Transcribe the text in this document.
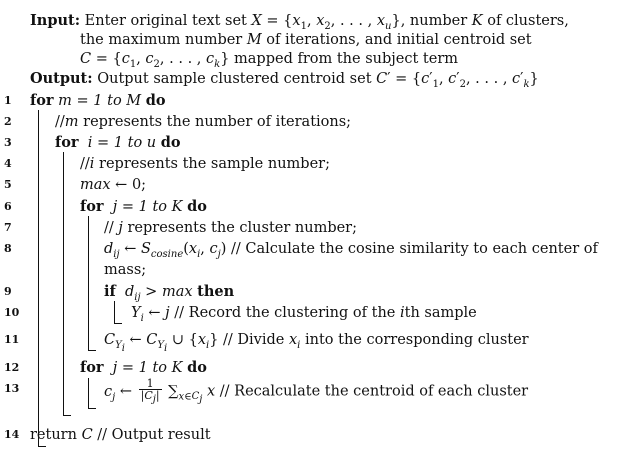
Input: Enter original text set $X = \{x_1$, $x_2$, . . . , $x_u$}, number K of clusters,
the maximum number M of iterations, and initial centroid set
$C = \{c_1$, $c_2$, . . . , $c_k$} mapped from the subject term
Output: Output sample clustered centroid set $C' = \{c'_1$, $c'_2$, . . . , $c'_k$}
1
2
3
4
5
6
7
8
9
10
11
12
13
14
for m = 1 to M do
//m represents the number of iterations;
for  i = 1 to u do
//i represents the sample number;
max ← 0;
for  j = 1 to K do
// j represents the cluster number;
$d_{ij}$ ← $S_{cosine}(x_i$, $c_j$) // Calculate the cosine similarity to each center of
mass;
if  $d_{ij} > \max$ then
$Y_i$ ← j // Record the clustering of the ith sample
$C_{Y_i}$ ← $C_{Y_i}$ ∪ $\{x_i\}$ // Divide $x_i$ into the corresponding cluster
for  j = 1 to K do
$c_j$ ← $\frac{1}{|C_j|} \sum_{x\in C_j}$ x // Recalculate the centroid of each cluster
return C // Output result
